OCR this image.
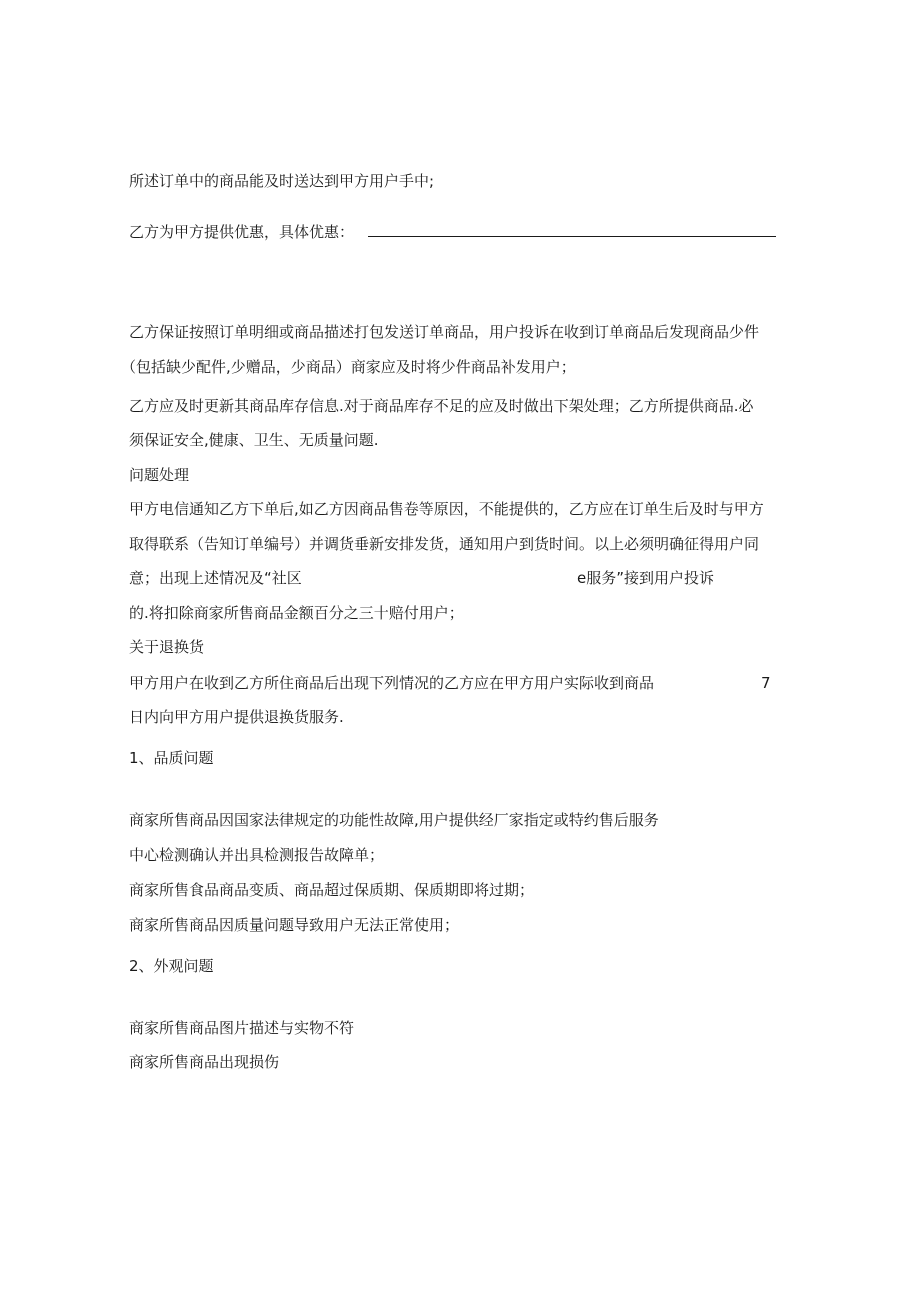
所述订单中的商品能及时送达到甲方用户手中;
乙方为甲方提供优惠，具体优惠：
乙方保证按照订单明细或商品描述打包发送订单商品，用户投诉在收到订单商品后发现商品少件
（包括缺少配件,少赠品，少商品）商家应及时将少件商品补发用户；
乙方应及时更新其商品库存信息.对于商品库存不足的应及时做出下架处理；乙方所提供商品.必
须保证安全,健康、卫生、无质量问题.
问题处理
甲方电信通知乙方下单后,如乙方因商品售卷等原因，不能提供的，乙方应在订单生后及时与甲方
取得联系（告知订单编号）并调货垂新安排发货，通知用户到货时间。以上必须明确征得用户同
意；出现上述情况及“社区	e服务”接到用户投诉
的.将扣除商家所售商品金额百分之三十赔付用户；
关于退换货
甲方用户在收到乙方所住商品后出现下列情况的乙方应在甲方用户实际收到商品	7
日内向甲方用户提供退换货服务.
1、品质问题
商家所售商品因国家法律规定的功能性故障,用户提供经厂家指定或特约售后服务
中心检测确认并出具检测报告故障单；
商家所售食品商品变质、商品超过保质期、保质期即将过期；
商家所售商品因质量问题导致用户无法正常使用；
2、外观问题
商家所售商品图片描述与实物不符
商家所售商品出现损伤
